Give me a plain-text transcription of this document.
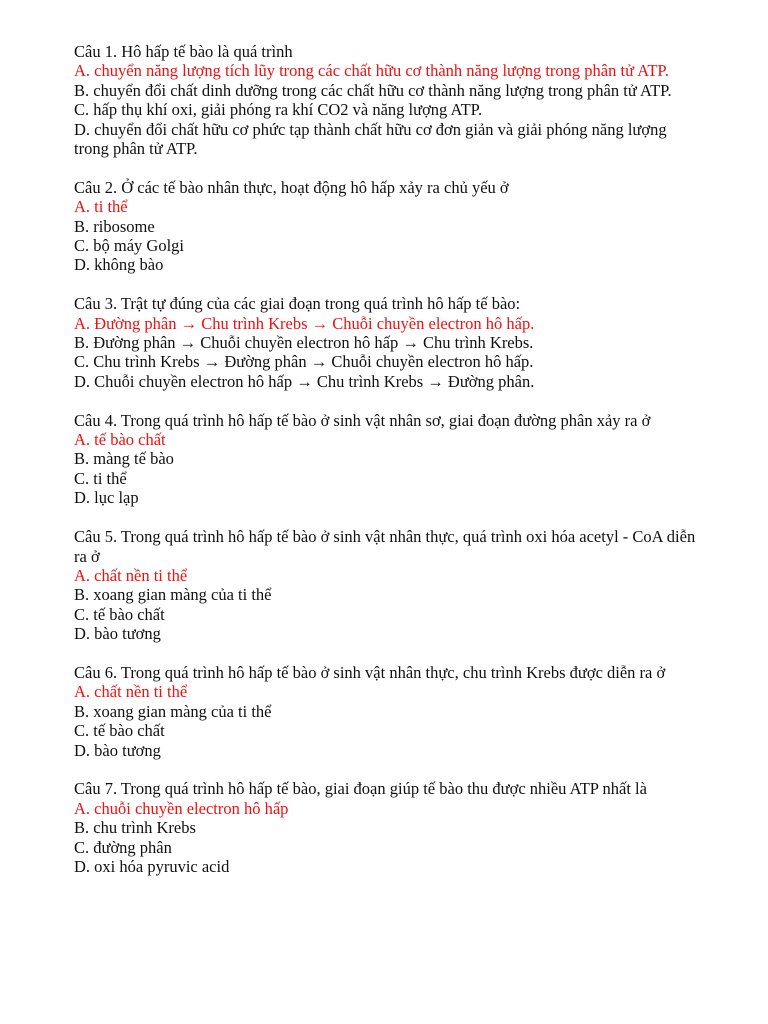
Câu 1. Hô hấp tế bào là quá trình
A. chuyển năng lượng tích lũy trong các chất hữu cơ thành năng lượng trong phân tử ATP.
B. chuyển đổi chất dinh dưỡng trong các chất hữu cơ thành năng lượng trong phân tử ATP.
C. hấp thụ khí oxi, giải phóng ra khí CO2 và năng lượng ATP.
D. chuyển đổi chất hữu cơ phức tạp thành chất hữu cơ đơn giản và giải phóng năng lượng trong phân tử ATP.
Câu 2. Ở các tế bào nhân thực, hoạt động hô hấp xảy ra chủ yếu ở
A. ti thể
B. ribosome
C. bộ máy Golgi
D. không bào
Câu 3. Trật tự đúng của các giai đoạn trong quá trình hô hấp tế bào:
A. Đường phân → Chu trình Krebs → Chuỗi chuyền electron hô hấp.
B. Đường phân → Chuỗi chuyền electron hô hấp → Chu trình Krebs.
C. Chu trình Krebs → Đường phân → Chuỗi chuyền electron hô hấp.
D. Chuỗi chuyền electron hô hấp → Chu trình Krebs → Đường phân.
Câu 4. Trong quá trình hô hấp tế bào ở sinh vật nhân sơ, giai đoạn đường phân xảy ra ở
A. tế bào chất
B. màng tế bào
C. ti thể
D. lục lạp
Câu 5. Trong quá trình hô hấp tế bào ở sinh vật nhân thực, quá trình oxi hóa acetyl - CoA diễn ra ở
A. chất nền ti thể
B. xoang gian màng của ti thể
C. tế bào chất
D. bào tương
Câu 6. Trong quá trình hô hấp tế bào ở sinh vật nhân thực, chu trình Krebs được diễn ra ở
A. chất nền ti thể
B. xoang gian màng của ti thể
C. tế bào chất
D. bào tương
Câu 7. Trong quá trình hô hấp tế bào, giai đoạn giúp tế bào thu được nhiều ATP nhất là
A. chuỗi chuyền electron hô hấp
B. chu trình Krebs
C. đường phân
D. oxi hóa pyruvic acid
